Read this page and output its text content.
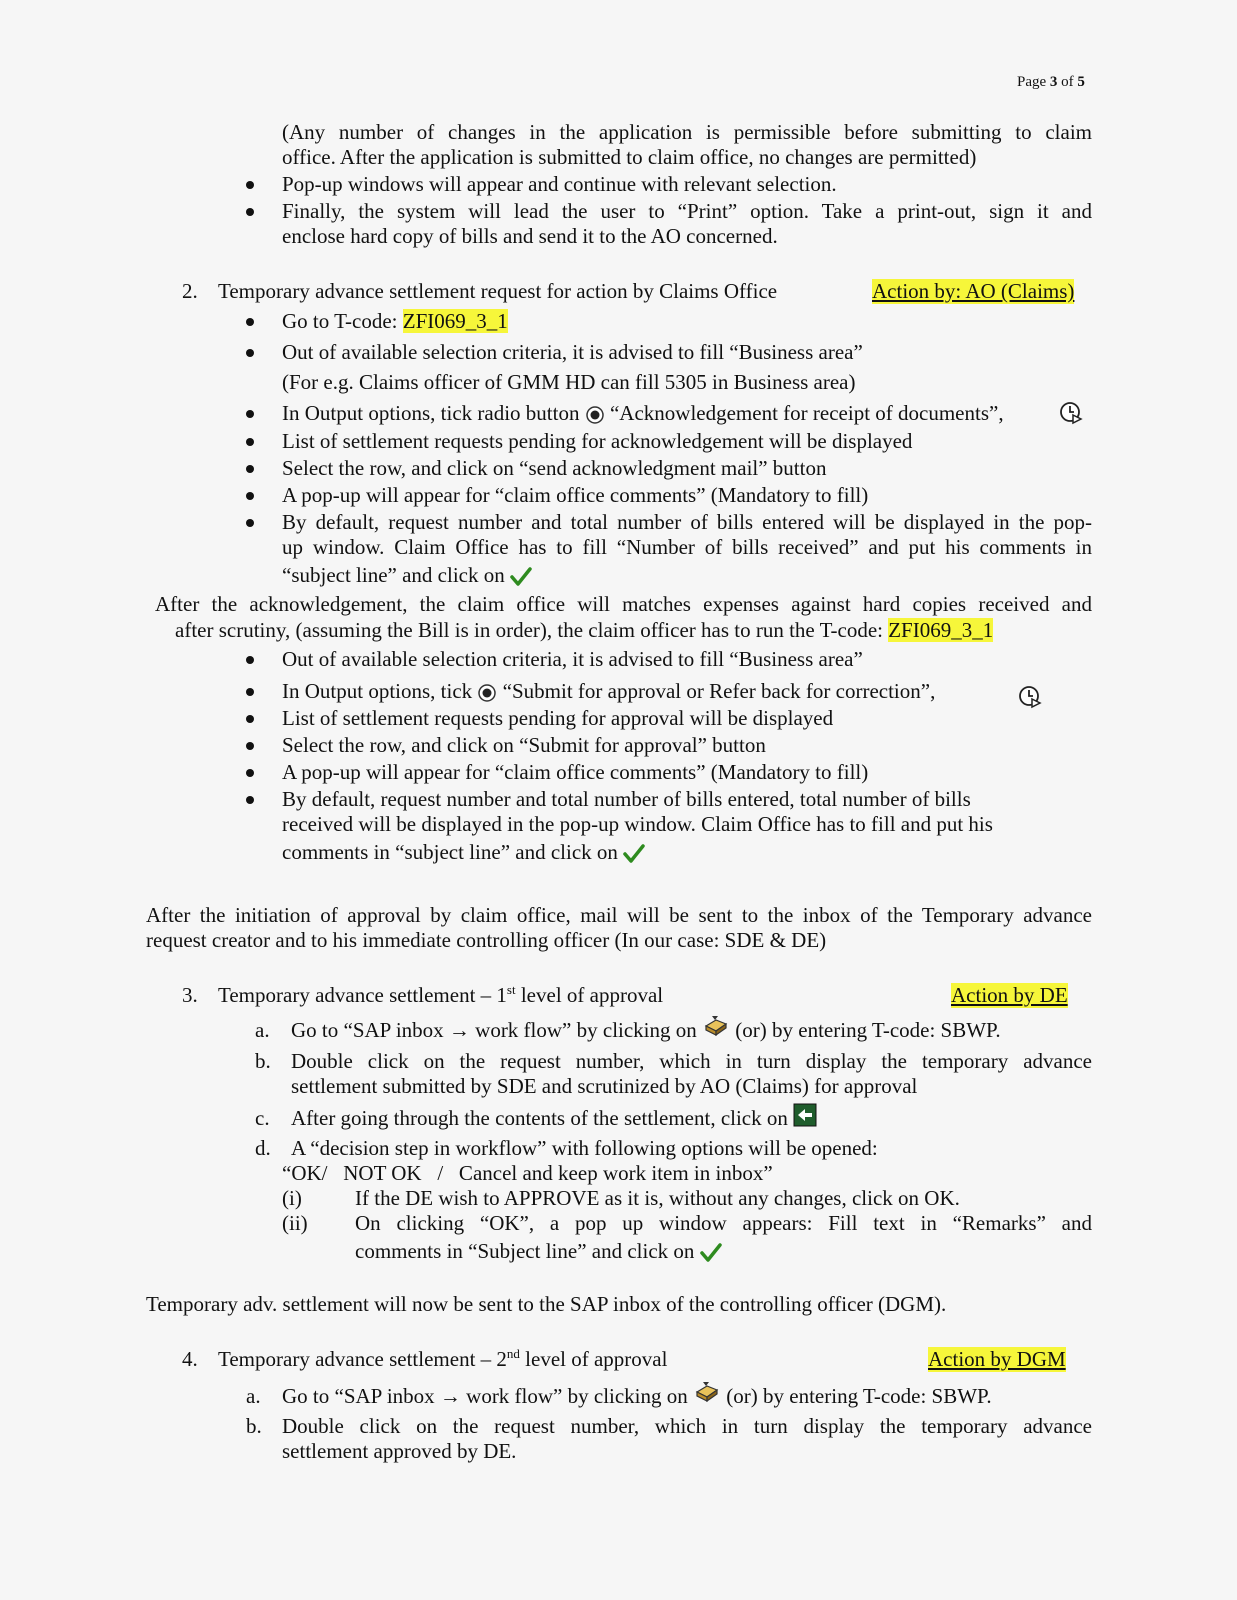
Page 3 of 5
(Any number of changes in the application is permissible before submitting to claim
office. After the application is submitted to claim office, no changes are permitted)
Pop-up windows will appear and continue with relevant selection.
Finally, the system will lead the user to “Print” option. Take a print-out, sign it and
enclose hard copy of bills and send it to the AO concerned.
2. Temporary advance settlement request for action by Claims Office	Action by: AO (Claims)
Go to T-code: ZFI069_3_1
Out of available selection criteria, it is advised to fill “Business area”
(For e.g. Claims officer of GMM HD can fill 5305 in Business area)
In Output options, tick radio button “Acknowledgement for receipt of documents”,
List of settlement requests pending for acknowledgement will be displayed
Select the row, and click on “send acknowledgment mail” button
A pop-up will appear for “claim office comments” (Mandatory to fill)
By default, request number and total number of bills entered will be displayed in the pop-
up window. Claim Office has to fill “Number of bills received” and put his comments in
“subject line” and click on
After the acknowledgement, the claim office will matches expenses against hard copies received and
after scrutiny, (assuming the Bill is in order), the claim officer has to run the T-code: ZFI069_3_1
Out of available selection criteria, it is advised to fill “Business area”
In Output options, tick “Submit for approval or Refer back for correction”,
List of settlement requests pending for approval will be displayed
Select the row, and click on “Submit for approval” button
A pop-up will appear for “claim office comments” (Mandatory to fill)
By default, request number and total number of bills entered, total number of bills
received will be displayed in the pop-up window. Claim Office has to fill and put his
comments in “subject line” and click on
After the initiation of approval by claim office, mail will be sent to the inbox of the Temporary advance
request creator and to his immediate controlling officer (In our case: SDE & DE)
3. Temporary advance settlement – 1st level of approval	Action by DE
a. Go to “SAP inbox → work flow” by clicking on (or) by entering T-code: SBWP.
b. Double click on the request number, which in turn display the temporary advance
settlement submitted by SDE and scrutinized by AO (Claims) for approval
c. After going through the contents of the settlement, click on
d. A “decision step in workflow” with following options will be opened:
“OK/   NOT OK   /   Cancel and keep work item in inbox”
(i)	If the DE wish to APPROVE as it is, without any changes, click on OK.
(ii) On clicking “OK”, a pop up window appears: Fill text in “Remarks” and
comments in “Subject line” and click on
Temporary adv. settlement will now be sent to the SAP inbox of the controlling officer (DGM).
4. Temporary advance settlement – 2nd level of approval	Action by DGM
a. Go to “SAP inbox → work flow” by clicking on (or) by entering T-code: SBWP.
b. Double click on the request number, which in turn display the temporary advance
settlement approved by DE.
